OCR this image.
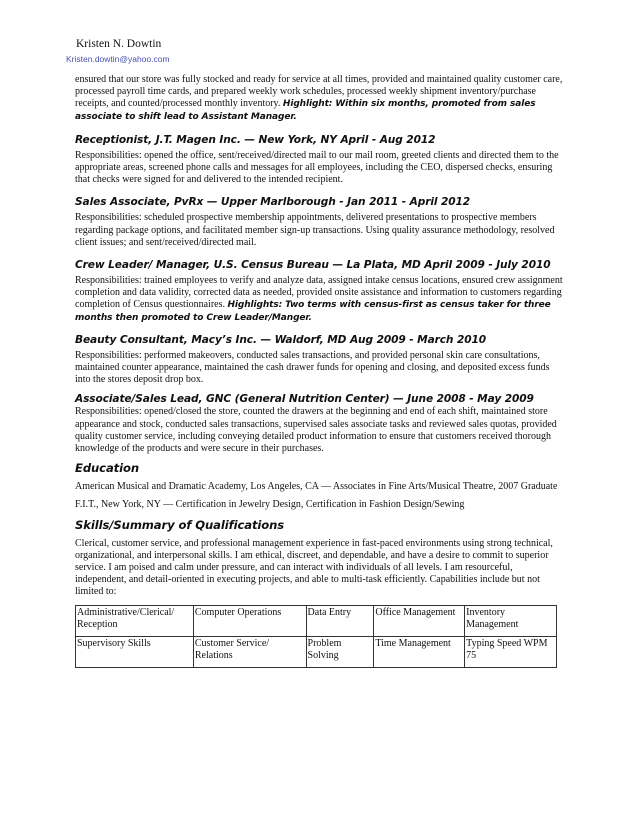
Kristen N. Dowtin
Kristen.dowtin@yahoo.com

ensured that our store was fully stocked and ready for service at all times, provided and maintained quality customer care, processed payroll time cards, and prepared weekly work schedules, processed weekly shipment inventory/purchase receipts, and counted/processed monthly inventory. Highlight: Within six months, promoted from sales associate to shift lead to Assistant Manager.

Receptionist, J.T. Magen Inc. — New York, NY April - Aug 2012

Responsibilities: opened the office, sent/received/directed mail to our mail room, greeted clients and directed them to the appropriate areas, screened phone calls and messages for all employees, including the CEO, dispersed checks, ensuring that checks were signed for and delivered to the intended recipient.

Sales Associate, PvRx — Upper Marlborough - Jan 2011 - April 2012

Responsibilities: scheduled prospective membership appointments, delivered presentations to prospective members regarding package options, and facilitated member sign-up transactions. Using quality assurance methodology, resolved client issues; and sent/received/directed mail.

Crew Leader/ Manager, U.S. Census Bureau — La Plata, MD April 2009 - July 2010

Responsibilities: trained employees to verify and analyze data, assigned intake census locations, ensured crew assignment completion and data validity, corrected data as needed, provided onsite assistance and information to customers regarding completion of Census questionnaires. Highlights: Two terms with census-first as census taker for three months then promoted to Crew Leader/Manger.

Beauty Consultant, Macy’s Inc. — Waldorf, MD Aug 2009 - March 2010

Responsibilities: performed makeovers, conducted sales transactions, and provided personal skin care consultations, maintained counter appearance, maintained the cash drawer funds for opening and closing, and deposited excess funds into the stores deposit drop box.

Associate/Sales Lead, GNC (General Nutrition Center) — June 2008 - May 2009

Responsibilities: opened/closed the store, counted the drawers at the beginning and end of each shift, maintained store appearance and stock, conducted sales transactions, supervised sales associate tasks and reviewed sales quotas, provided quality customer service, including conveying detailed product information to ensure that customers received thorough knowledge of the products and were secure in their purchases.

Education

American Musical and Dramatic Academy, Los Angeles, CA — Associates in Fine Arts/Musical Theatre, 2007 Graduate

F.I.T., New York, NY — Certification in Jewelry Design, Certification in Fashion Design/Sewing

Skills/Summary of Qualifications

Clerical, customer service, and professional management experience in fast-paced environments using strong technical, organizational, and interpersonal skills. I am ethical, discreet, and dependable, and have a desire to commit to superior service. I am poised and calm under pressure, and can interact with individuals of all levels. I am resourceful, independent, and detail-oriented in executing projects, and able to multi-task efficiently. Capabilities include but not limited to:

Administrative/Clerical/ Reception	Computer Operations	Data Entry	Office Management	Inventory Management
Supervisory Skills	Customer Service/ Relations	Problem Solving	Time Management	Typing Speed WPM 75
